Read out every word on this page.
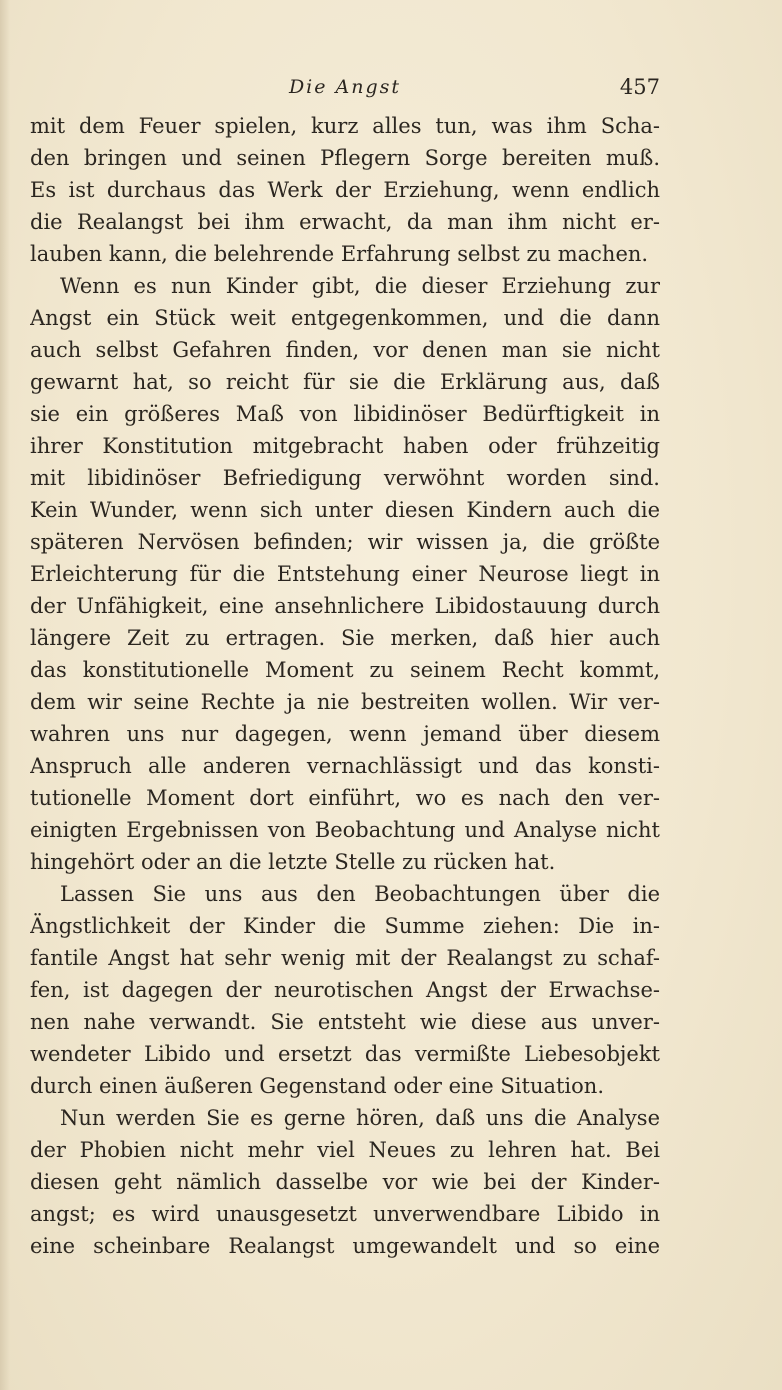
Die Angst	457
mit dem Feuer spielen, kurz alles tun, was ihm Scha-
den bringen und seinen Pflegern Sorge bereiten muß.
Es ist durchaus das Werk der Erziehung, wenn endlich
die Realangst bei ihm erwacht, da man ihm nicht er-
lauben kann, die belehrende Erfahrung selbst zu machen.
Wenn es nun Kinder gibt, die dieser Erziehung zur
Angst ein Stück weit entgegenkommen, und die dann
auch selbst Gefahren finden, vor denen man sie nicht
gewarnt hat, so reicht für sie die Erklärung aus, daß
sie ein größeres Maß von libidinöser Bedürftigkeit in
ihrer Konstitution mitgebracht haben oder frühzeitig
mit libidinöser Befriedigung verwöhnt worden sind.
Kein Wunder, wenn sich unter diesen Kindern auch die
späteren Nervösen befinden; wir wissen ja, die größte
Erleichterung für die Entstehung einer Neurose liegt in
der Unfähigkeit, eine ansehnlichere Libidostauung durch
längere Zeit zu ertragen. Sie merken, daß hier auch
das konstitutionelle Moment zu seinem Recht kommt,
dem wir seine Rechte ja nie bestreiten wollen. Wir ver-
wahren uns nur dagegen, wenn jemand über diesem
Anspruch alle anderen vernachlässigt und das konsti-
tutionelle Moment dort einführt, wo es nach den ver-
einigten Ergebnissen von Beobachtung und Analyse nicht
hingehört oder an die letzte Stelle zu rücken hat.
Lassen Sie uns aus den Beobachtungen über die
Ängstlichkeit der Kinder die Summe ziehen: Die in-
fantile Angst hat sehr wenig mit der Realangst zu schaf-
fen, ist dagegen der neurotischen Angst der Erwachse-
nen nahe verwandt. Sie entsteht wie diese aus unver-
wendeter Libido und ersetzt das vermißte Liebesobjekt
durch einen äußeren Gegenstand oder eine Situation.
Nun werden Sie es gerne hören, daß uns die Analyse
der Phobien nicht mehr viel Neues zu lehren hat. Bei
diesen geht nämlich dasselbe vor wie bei der Kinder-
angst; es wird unausgesetzt unverwendbare Libido in
eine scheinbare Realangst umgewandelt und so eine
